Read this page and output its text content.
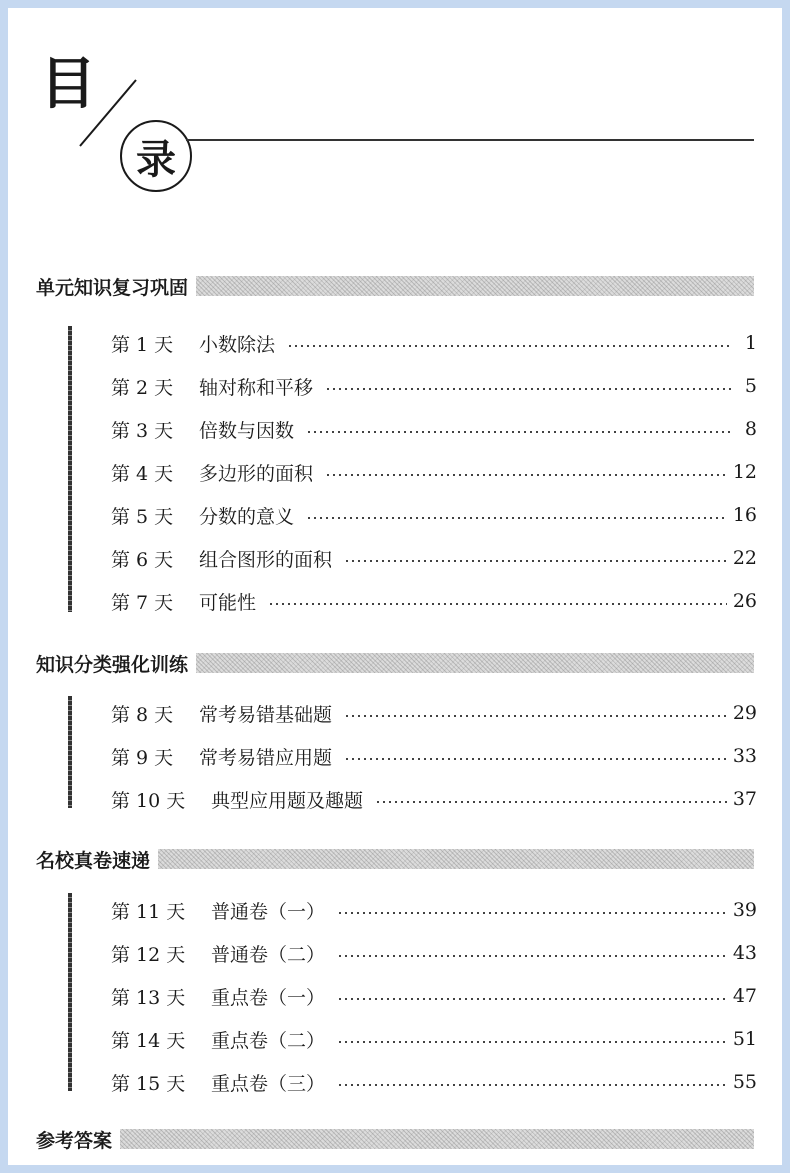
目
录
单元知识复习巩固
第 1 天	小数除法	1
第 2 天	轴对称和平移	5
第 3 天	倍数与因数	8
第 4 天	多边形的面积	12
第 5 天	分数的意义	16
第 6 天	组合图形的面积	22
第 7 天	可能性	26
知识分类强化训练
第 8 天	常考易错基础题	29
第 9 天	常考易错应用题	33
第 10 天	典型应用题及趣题	37
名校真卷速递
第 11 天	普通卷（一）	39
第 12 天	普通卷（二）	43
第 13 天	重点卷（一）	47
第 14 天	重点卷（二）	51
第 15 天	重点卷（三）	55
参考答案
